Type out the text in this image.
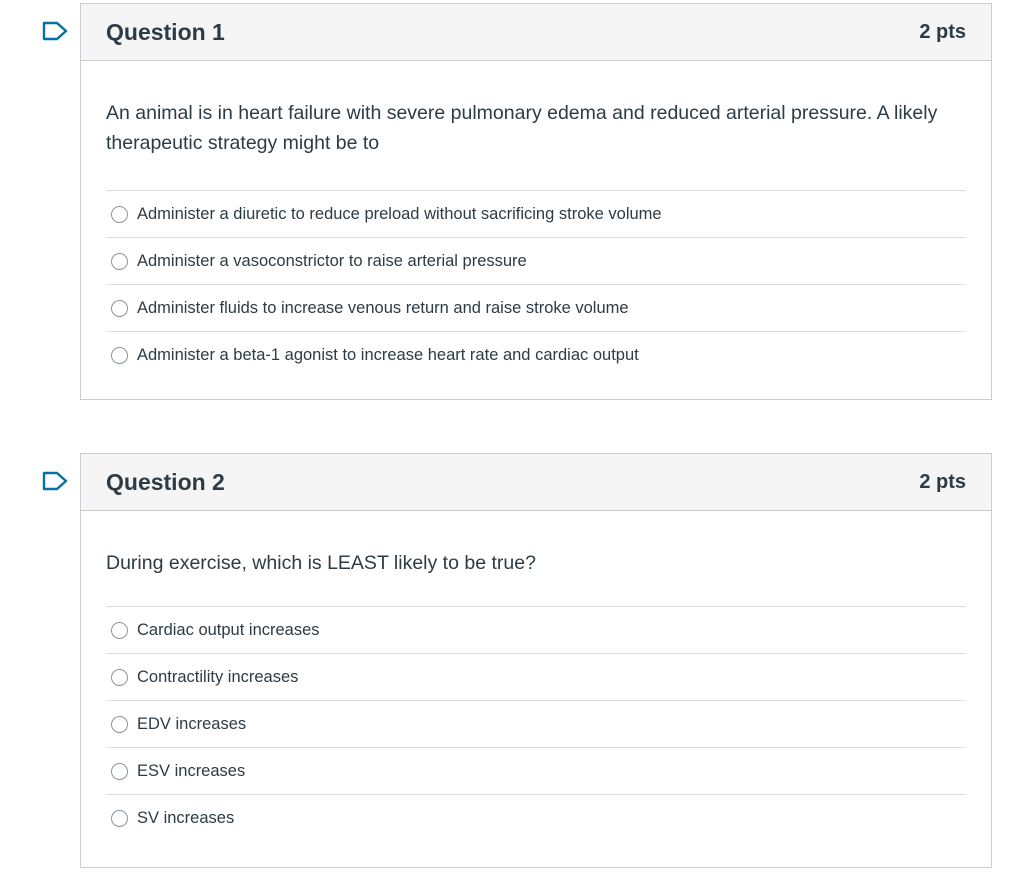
Question 1	2 pts

An animal is in heart failure with severe pulmonary edema and reduced arterial pressure. A likely therapeutic strategy might be to

Administer a diuretic to reduce preload without sacrificing stroke volume
Administer a vasoconstrictor to raise arterial pressure
Administer fluids to increase venous return and raise stroke volume
Administer a beta-1 agonist to increase heart rate and cardiac output
Question 2	2 pts

During exercise, which is LEAST likely to be true?

Cardiac output increases
Contractility increases
EDV increases
ESV increases
SV increases
